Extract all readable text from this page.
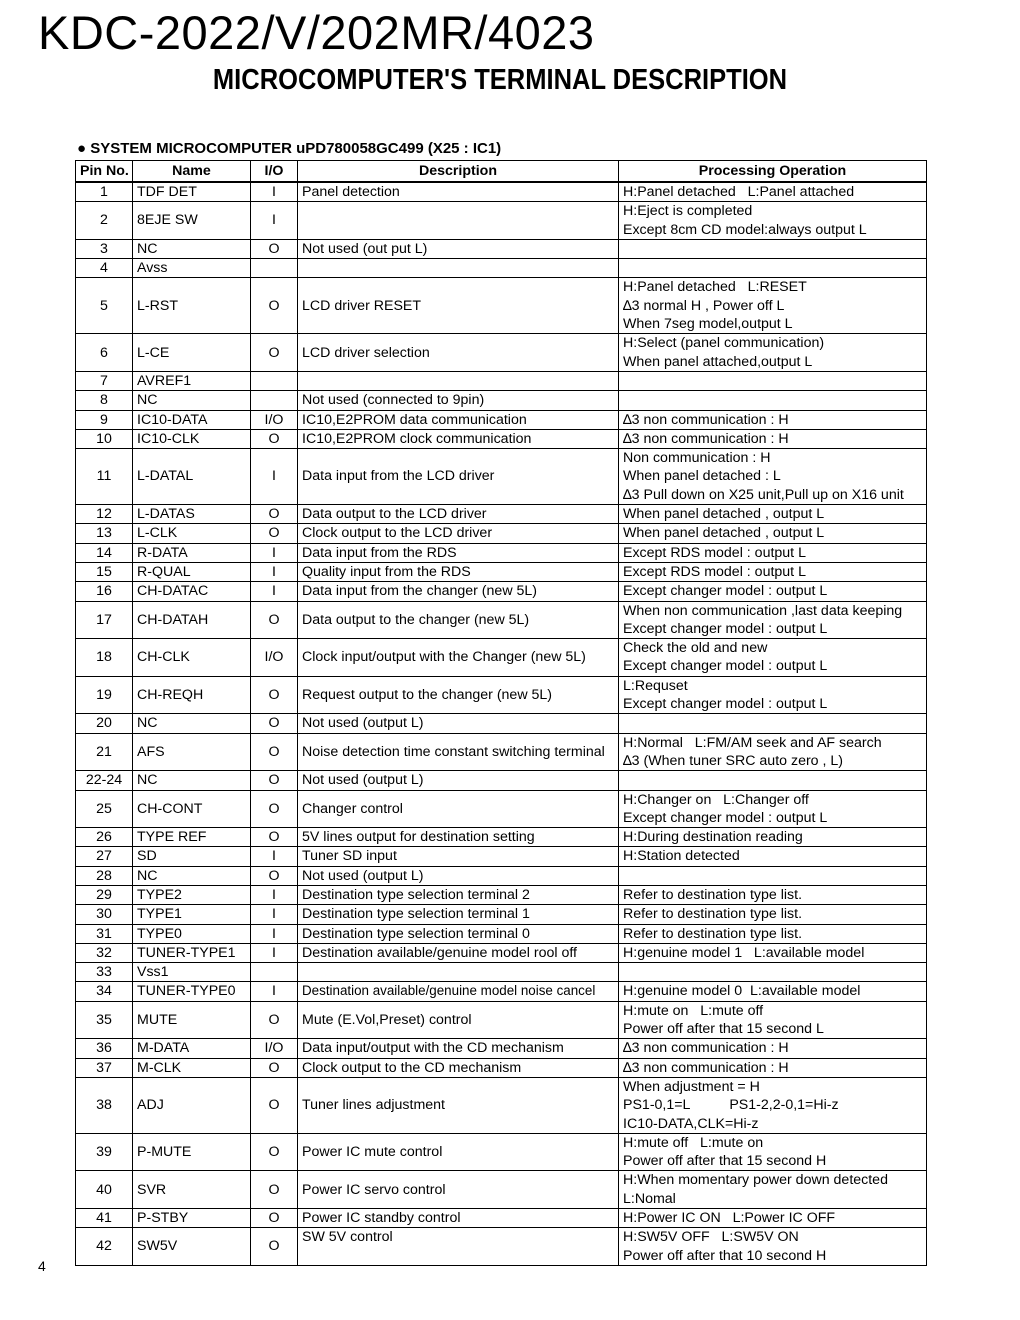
KDC-2022/V/202MR/4023
MICROCOMPUTER'S TERMINAL DESCRIPTION
● SYSTEM MICROCOMPUTER uPD780058GC499 (X25 : IC1)
Pin No.	Name	I/O	Description	Processing Operation
1	TDF DET	I	Panel detection	H:Panel detached   L:Panel attached

2	8EJE SW	I		H:Eject is completed
Except 8cm CD model:always output L

3	NC	O	Not used (out put L)	

4	Avss			

5	L-RST	O	LCD driver RESET	H:Panel detached   L:RESET
∆3 normal H , Power off L
When 7seg model,output L

6	L-CE	O	LCD driver selection	H:Select (panel communication)
When panel attached,output L

7	AVREF1			

8	NC		Not used (connected to 9pin)	

9	IC10-DATA	I/O	IC10,E2PROM data communication	∆3 non communication : H

10	IC10-CLK	O	IC10,E2PROM clock communication	∆3 non communication : H

11	L-DATAL	I	Data input from the LCD driver	Non communication : H
When panel detached : L
∆3 Pull down on X25 unit,Pull up on X16 unit

12	L-DATAS	O	Data output to the LCD driver	When panel detached , output L

13	L-CLK	O	Clock output to the LCD driver	When panel detached , output L

14	R-DATA	I	Data input from the RDS	Except RDS model : output L

15	R-QUAL	I	Quality input from the RDS	Except RDS model : output L

16	CH-DATAC	I	Data input from the changer (new 5L)	Except changer model : output L

17	CH-DATAH	O	Data output to the changer (new 5L)	When non communication ,last data keeping
Except changer model : output L

18	CH-CLK	I/O	Clock input/output with the Changer (new 5L)	Check the old and new
Except changer model : output L

19	CH-REQH	O	Request output to the changer (new 5L)	L:Requset
Except changer model : output L

20	NC	O	Not used (output L)	

21	AFS	O	Noise detection time constant switching terminal	H:Normal   L:FM/AM seek and AF search
∆3 (When tuner SRC auto zero , L)

22-24	NC	O	Not used (output L)	

25	CH-CONT	O	Changer control	H:Changer on   L:Changer off
Except changer model : output L

26	TYPE REF	O	5V lines output for destination setting	H:During destination reading

27	SD	I	Tuner SD input	H:Station detected

28	NC	O	Not used (output L)	

29	TYPE2	I	Destination type selection terminal 2	Refer to destination type list.

30	TYPE1	I	Destination type selection terminal 1	Refer to destination type list.

31	TYPE0	I	Destination type selection terminal 0	Refer to destination type list.

32	TUNER-TYPE1	I	Destination available/genuine model rool off	H:genuine model 1   L:available model

33	Vss1			

34	TUNER-TYPE0	I	Destination available/genuine model noise cancel	H:genuine model 0  L:available model

35	MUTE	O	Mute (E.Vol,Preset) control	H:mute on   L:mute off
Power off after that 15 second L

36	M-DATA	I/O	Data input/output with the CD mechanism	∆3 non communication : H

37	M-CLK	O	Clock output to the CD mechanism	∆3 non communication : H

38	ADJ	O	Tuner lines adjustment	When adjustment = H
PS1-0,1=L          PS1-2,2-0,1=Hi-z
IC10-DATA,CLK=Hi-z

39	P-MUTE	O	Power IC mute control	H:mute off   L:mute on
Power off after that 15 second H

40	SVR	O	Power IC servo control	H:When momentary power down detected
L:Nomal

41	P-STBY	O	Power IC standby control	H:Power IC ON   L:Power IC OFF

42	SW5V	O	SW 5V control	H:SW5V OFF   L:SW5V ON
Power off after that 10 second H
4
